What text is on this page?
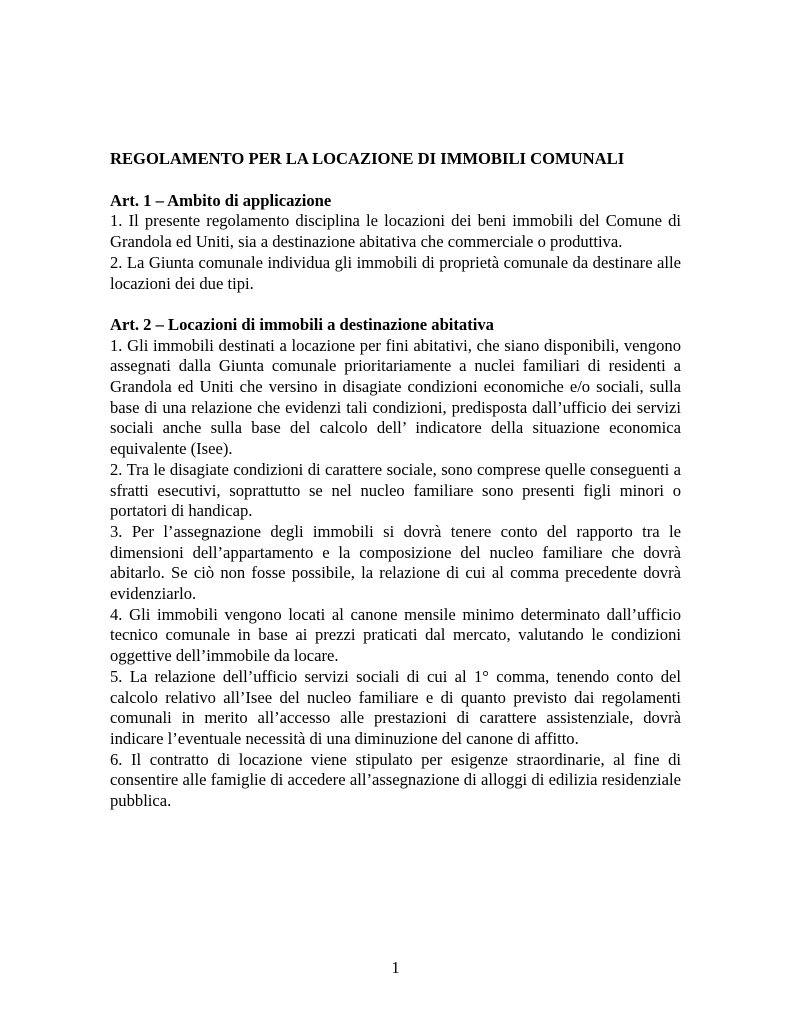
REGOLAMENTO PER LA LOCAZIONE DI IMMOBILI COMUNALI

Art. 1 – Ambito di applicazione

1. Il presente regolamento disciplina le locazioni dei beni immobili del Comune di Grandola ed Uniti, sia a destinazione abitativa che commerciale o produttiva.

2. La Giunta comunale individua gli immobili di proprietà comunale da destinare alle locazioni dei due tipi.

Art. 2 – Locazioni di immobili a destinazione abitativa

1. Gli immobili destinati a locazione per fini abitativi, che siano disponibili, vengono assegnati dalla Giunta comunale prioritariamente a nuclei familiari di residenti a Grandola ed Uniti che versino in disagiate condizioni economiche e/o sociali, sulla base di una relazione che evidenzi tali condizioni, predisposta dall’ufficio dei servizi sociali anche sulla base del calcolo dell’ indicatore della situazione economica equivalente (Isee).

2. Tra le disagiate condizioni di carattere sociale, sono comprese quelle conseguenti a sfratti esecutivi, soprattutto se nel nucleo familiare sono presenti figli minori o portatori di handicap.

3. Per l’assegnazione degli immobili si dovrà tenere conto del rapporto tra le dimensioni dell’appartamento e la composizione del nucleo familiare che dovrà abitarlo. Se ciò non fosse possibile, la relazione di cui al comma precedente dovrà evidenziarlo.

4. Gli immobili vengono locati al canone mensile minimo determinato dall’ufficio tecnico comunale in base ai prezzi praticati dal mercato, valutando le condizioni oggettive dell’immobile da locare.

5. La relazione dell’ufficio servizi sociali di cui al 1° comma, tenendo conto del calcolo relativo all’Isee del nucleo familiare e di quanto previsto dai regolamenti comunali in merito all’accesso alle prestazioni di carattere assistenziale, dovrà indicare l’eventuale necessità di una diminuzione del canone di affitto.

6. Il contratto di locazione viene stipulato per esigenze straordinarie, al fine di consentire alle famiglie di accedere all’assegnazione di alloggi di edilizia residenziale pubblica.

1
